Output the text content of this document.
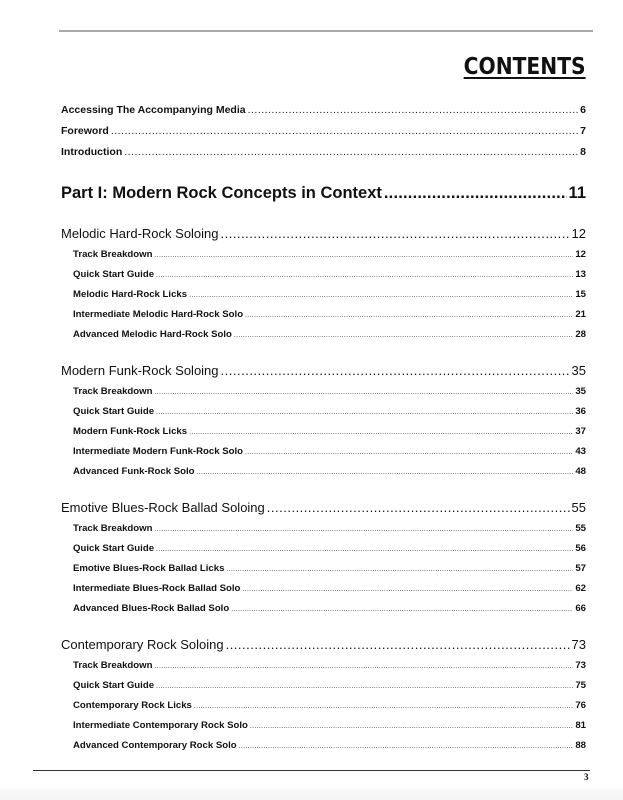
CONTENTS
Accessing The Accompanying Media .....	6
Foreword .....	7
Introduction .....	8
Part I: Modern Rock Concepts in Context .....	11
Melodic Hard-Rock Soloing .....	12
Track Breakdown .....	12
Quick Start Guide .....	13
Melodic Hard-Rock Licks .....	15
Intermediate Melodic Hard-Rock Solo .....	21
Advanced Melodic Hard-Rock Solo .....	28
Modern Funk-Rock Soloing .....	35
Track Breakdown .....	35
Quick Start Guide .....	36
Modern Funk-Rock Licks .....	37
Intermediate Modern Funk-Rock Solo .....	43
Advanced Funk-Rock Solo .....	48
Emotive Blues-Rock Ballad Soloing .....	55
Track Breakdown .....	55
Quick Start Guide .....	56
Emotive Blues-Rock Ballad Licks .....	57
Intermediate Blues-Rock Ballad Solo .....	62
Advanced Blues-Rock Ballad Solo .....	66
Contemporary Rock Soloing .....	73
Track Breakdown .....	73
Quick Start Guide .....	75
Contemporary Rock Licks .....	76
Intermediate Contemporary Rock Solo .....	81
Advanced Contemporary Rock Solo .....	88
3
